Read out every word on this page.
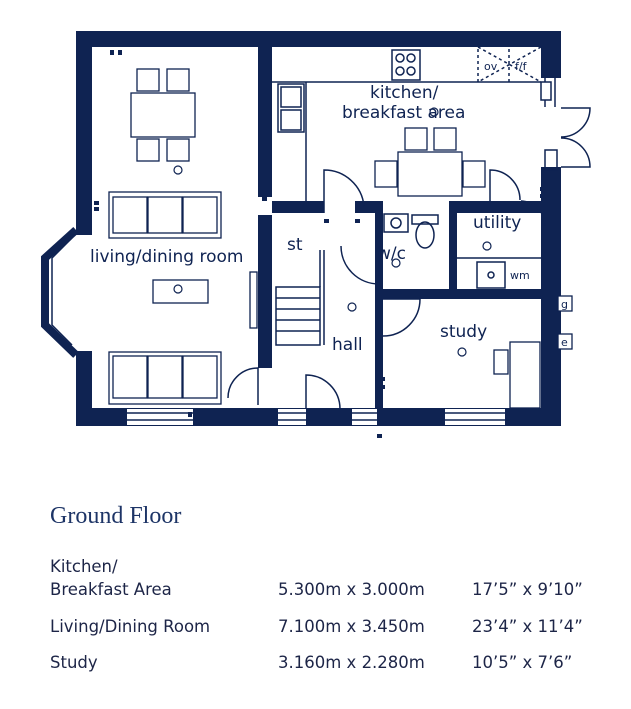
kitchen/
breakfast area
living/dining room
st	w/c
utility
study
hall
ov f/f
wm
g
e
Ground Floor
Kitchen/
Breakfast Area	5.300m x 3.000m	17’5” x 9’10”
Living/Dining Room	7.100m x 3.450m	23’4” x 11’4”
Study	3.160m x 2.280m	10’5” x 7’6”
